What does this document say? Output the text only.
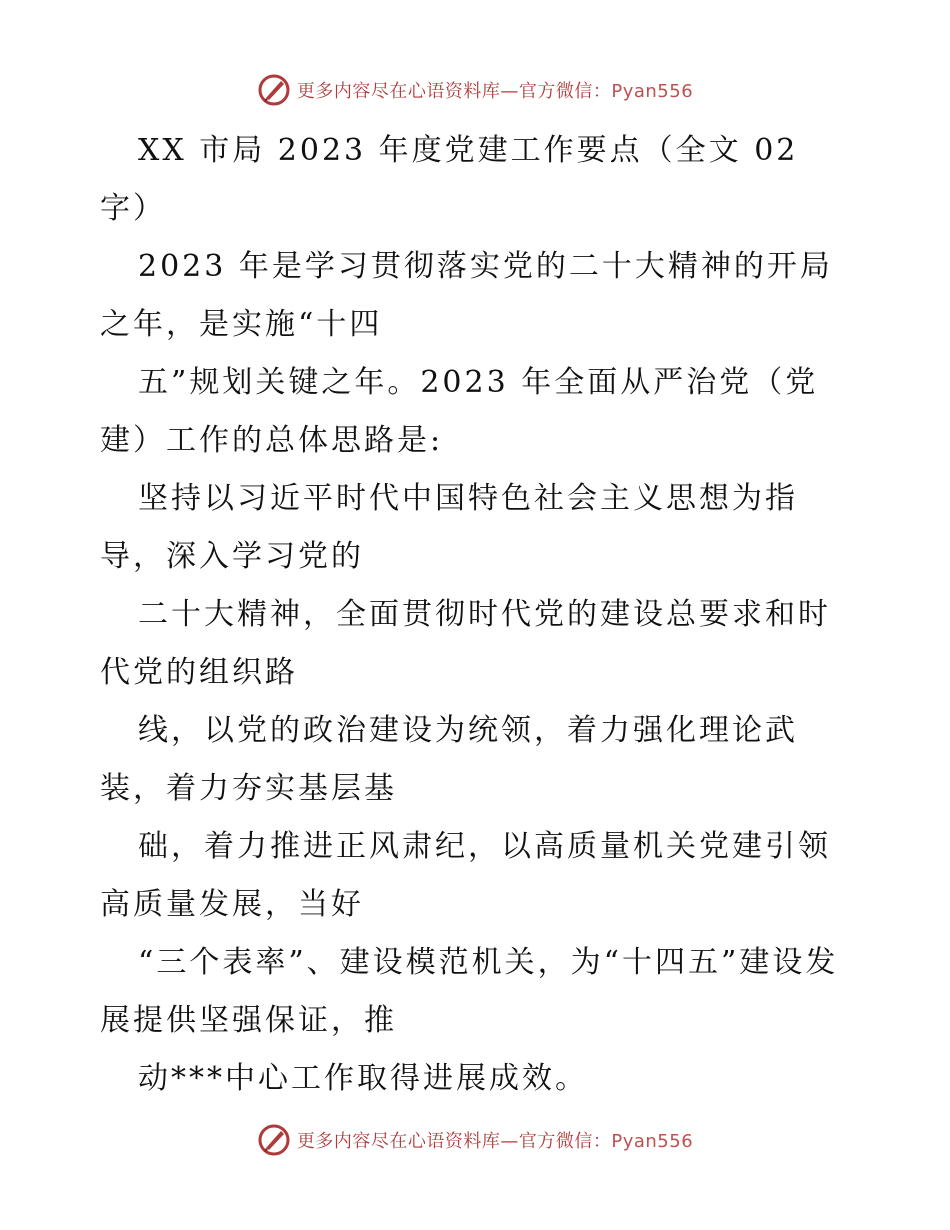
更多内容尽在心语资料库—官方微信：Pyan556

XX 市局 2023 年度党建工作要点（全文 02
字）

2023 年是学习贯彻落实党的二十大精神的开局之年，是实施“十四

五”规划关键之年。2023 年全面从严治党（党建）工作的总体思路是:

坚持以习近平时代中国特色社会主义思想为指导，深入学习党的

二十大精神，全面贯彻时代党的建设总要求和时代党的组织路

线，以党的政治建设为统领，着力强化理论武装，着力夯实基层基

础，着力推进正风肃纪，以高质量机关党建引领高质量发展，当好

“三个表率”、建设模范机关，为“十四五”建设发展提供坚强保证，推

动***中心工作取得进展成效。

更多内容尽在心语资料库—官方微信：Pyan556
